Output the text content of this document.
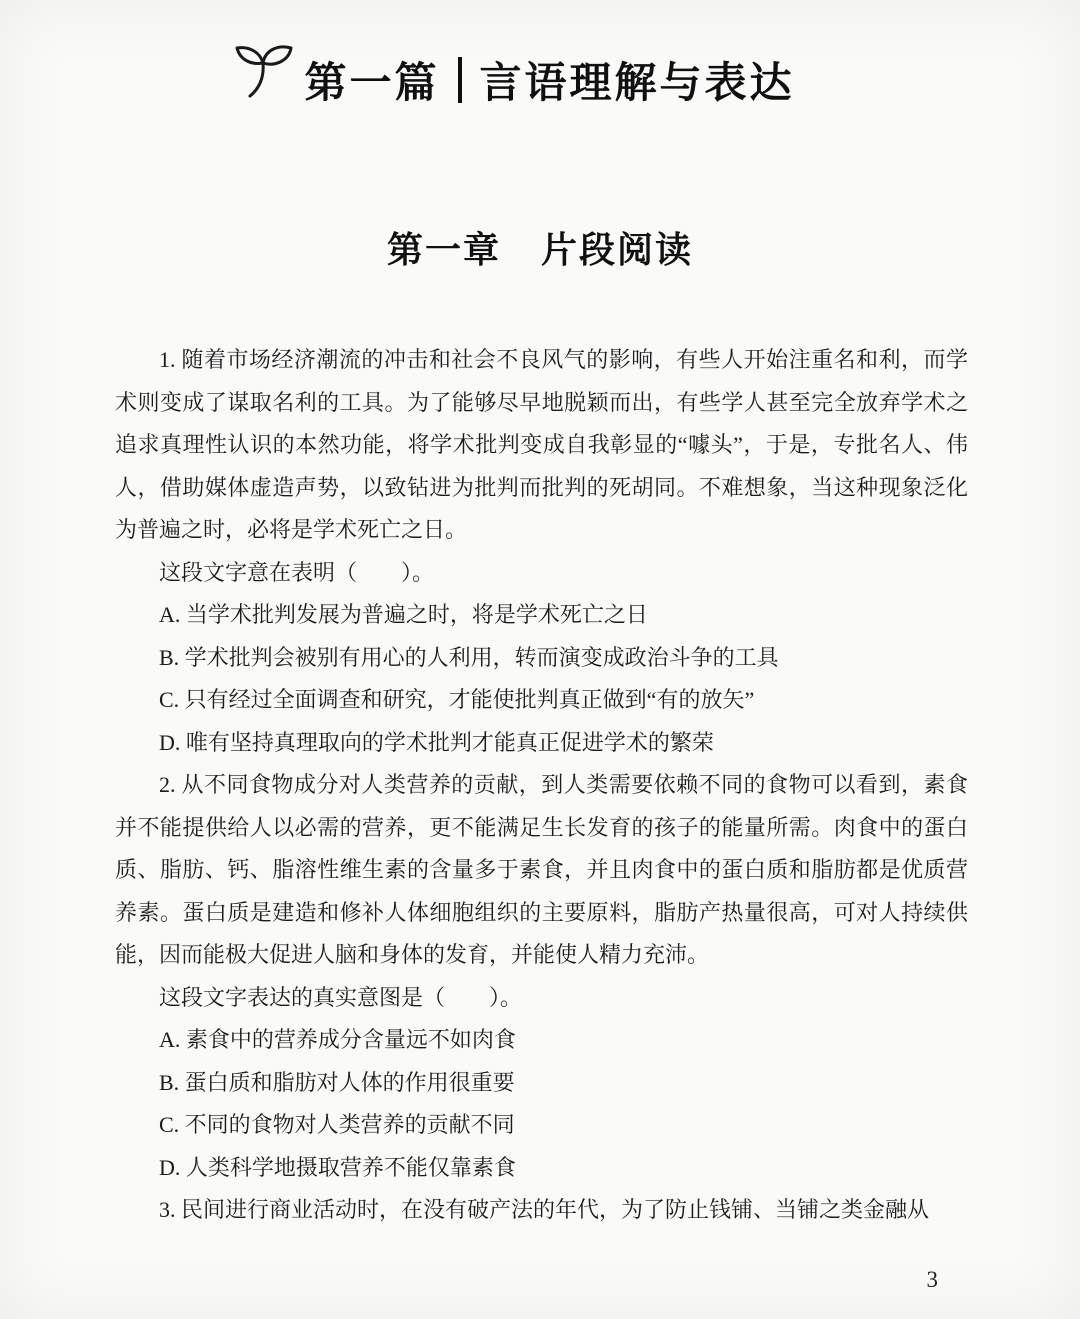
第一篇 言语理解与表达
第一章 片段阅读

1. 随着市场经济潮流的冲击和社会不良风气的影响，有些人开始注重名和利，而学术则变成了谋取名利的工具。为了能够尽早地脱颖而出，有些学人甚至完全放弃学术之追求真理性认识的本然功能，将学术批判变成自我彰显的“噱头”，于是，专批名人、伟人，借助媒体虚造声势，以致钻进为批判而批判的死胡同。不难想象，当这种现象泛化为普遍之时，必将是学术死亡之日。

这段文字意在表明（　　）。

A. 当学术批判发展为普遍之时，将是学术死亡之日

B. 学术批判会被别有用心的人利用，转而演变成政治斗争的工具

C. 只有经过全面调查和研究，才能使批判真正做到“有的放矢”

D. 唯有坚持真理取向的学术批判才能真正促进学术的繁荣

2. 从不同食物成分对人类营养的贡献，到人类需要依赖不同的食物可以看到，素食并不能提供给人以必需的营养，更不能满足生长发育的孩子的能量所需。肉食中的蛋白质、脂肪、钙、脂溶性维生素的含量多于素食，并且肉食中的蛋白质和脂肪都是优质营养素。蛋白质是建造和修补人体细胞组织的主要原料，脂肪产热量很高，可对人持续供能，因而能极大促进人脑和身体的发育，并能使人精力充沛。

这段文字表达的真实意图是（　　）。

A. 素食中的营养成分含量远不如肉食

B. 蛋白质和脂肪对人体的作用很重要

C. 不同的食物对人类营养的贡献不同

D. 人类科学地摄取营养不能仅靠素食

3. 民间进行商业活动时，在没有破产法的年代，为了防止钱铺、当铺之类金融从

3
